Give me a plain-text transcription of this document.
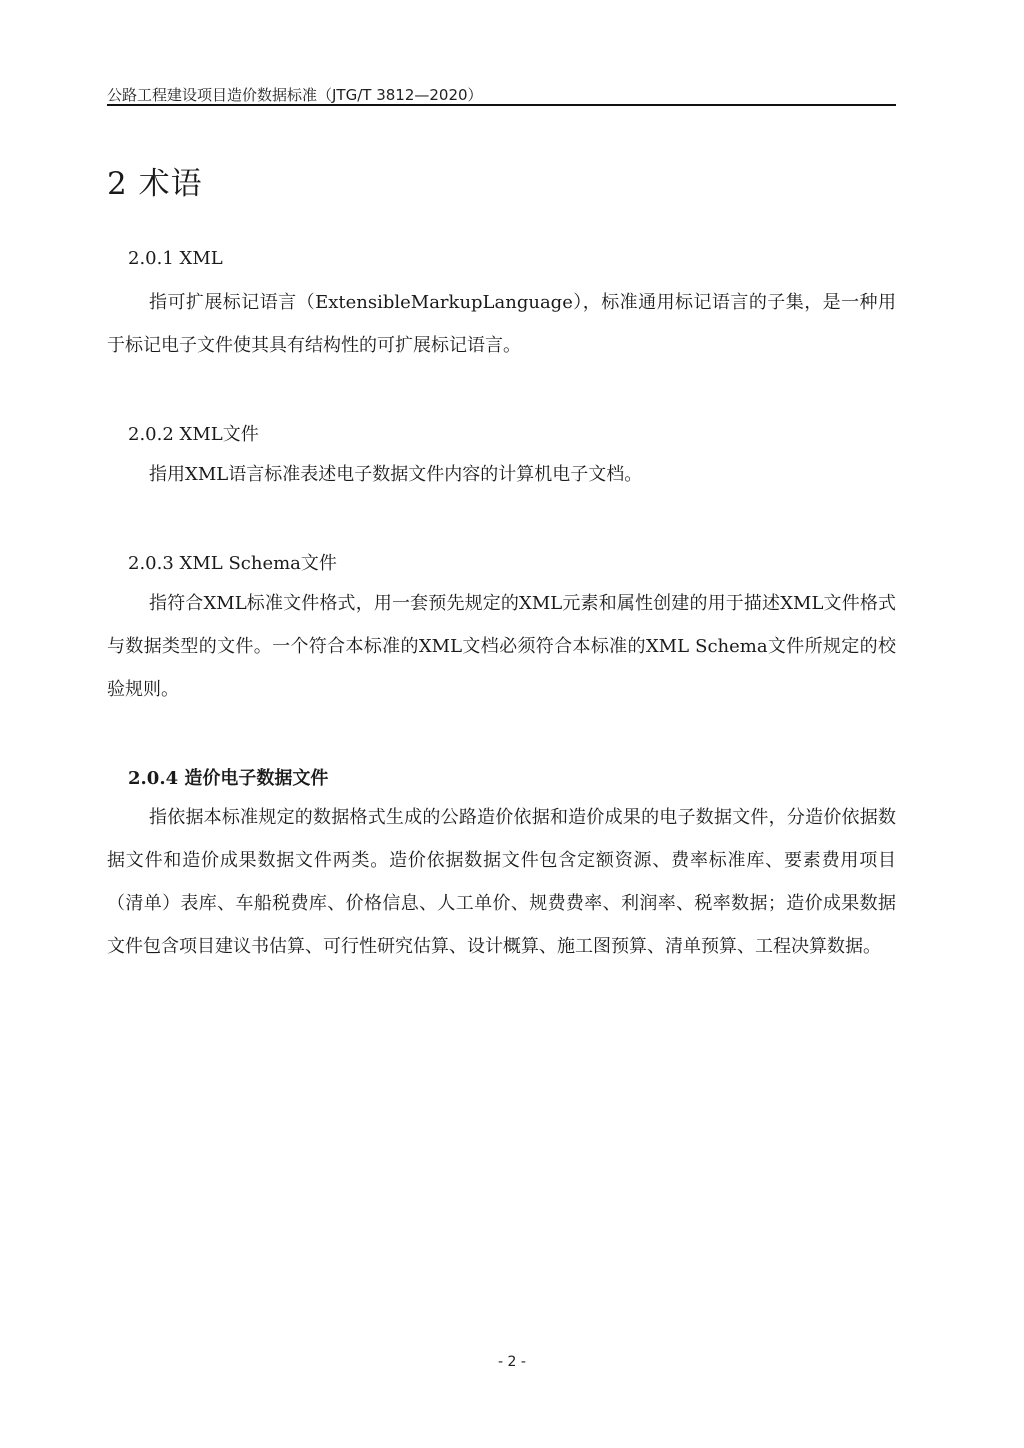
公路工程建设项目造价数据标准（JTG/T 3812—2020）
2 术语
2.0.1 XML

指可扩展标记语言（ExtensibleMarkupLanguage），标准通用标记语言的子集，是一种用于标记电子文件使其具有结构性的可扩展标记语言。

2.0.2 XML文件

指用XML语言标准表述电子数据文件内容的计算机电子文档。

2.0.3 XML Schema文件

指符合XML标准文件格式，用一套预先规定的XML元素和属性创建的用于描述XML文件格式与数据类型的文件。一个符合本标准的XML文档必须符合本标准的XML Schema文件所规定的校验规则。

2.0.4 造价电子数据文件

指依据本标准规定的数据格式生成的公路造价依据和造价成果的电子数据文件，分造价依据数据文件和造价成果数据文件两类。造价依据数据文件包含定额资源、费率标准库、要素费用项目（清单）表库、车船税费库、价格信息、人工单价、规费费率、利润率、税率数据；造价成果数据文件包含项目建议书估算、可行性研究估算、设计概算、施工图预算、清单预算、工程决算数据。

- 2 -
